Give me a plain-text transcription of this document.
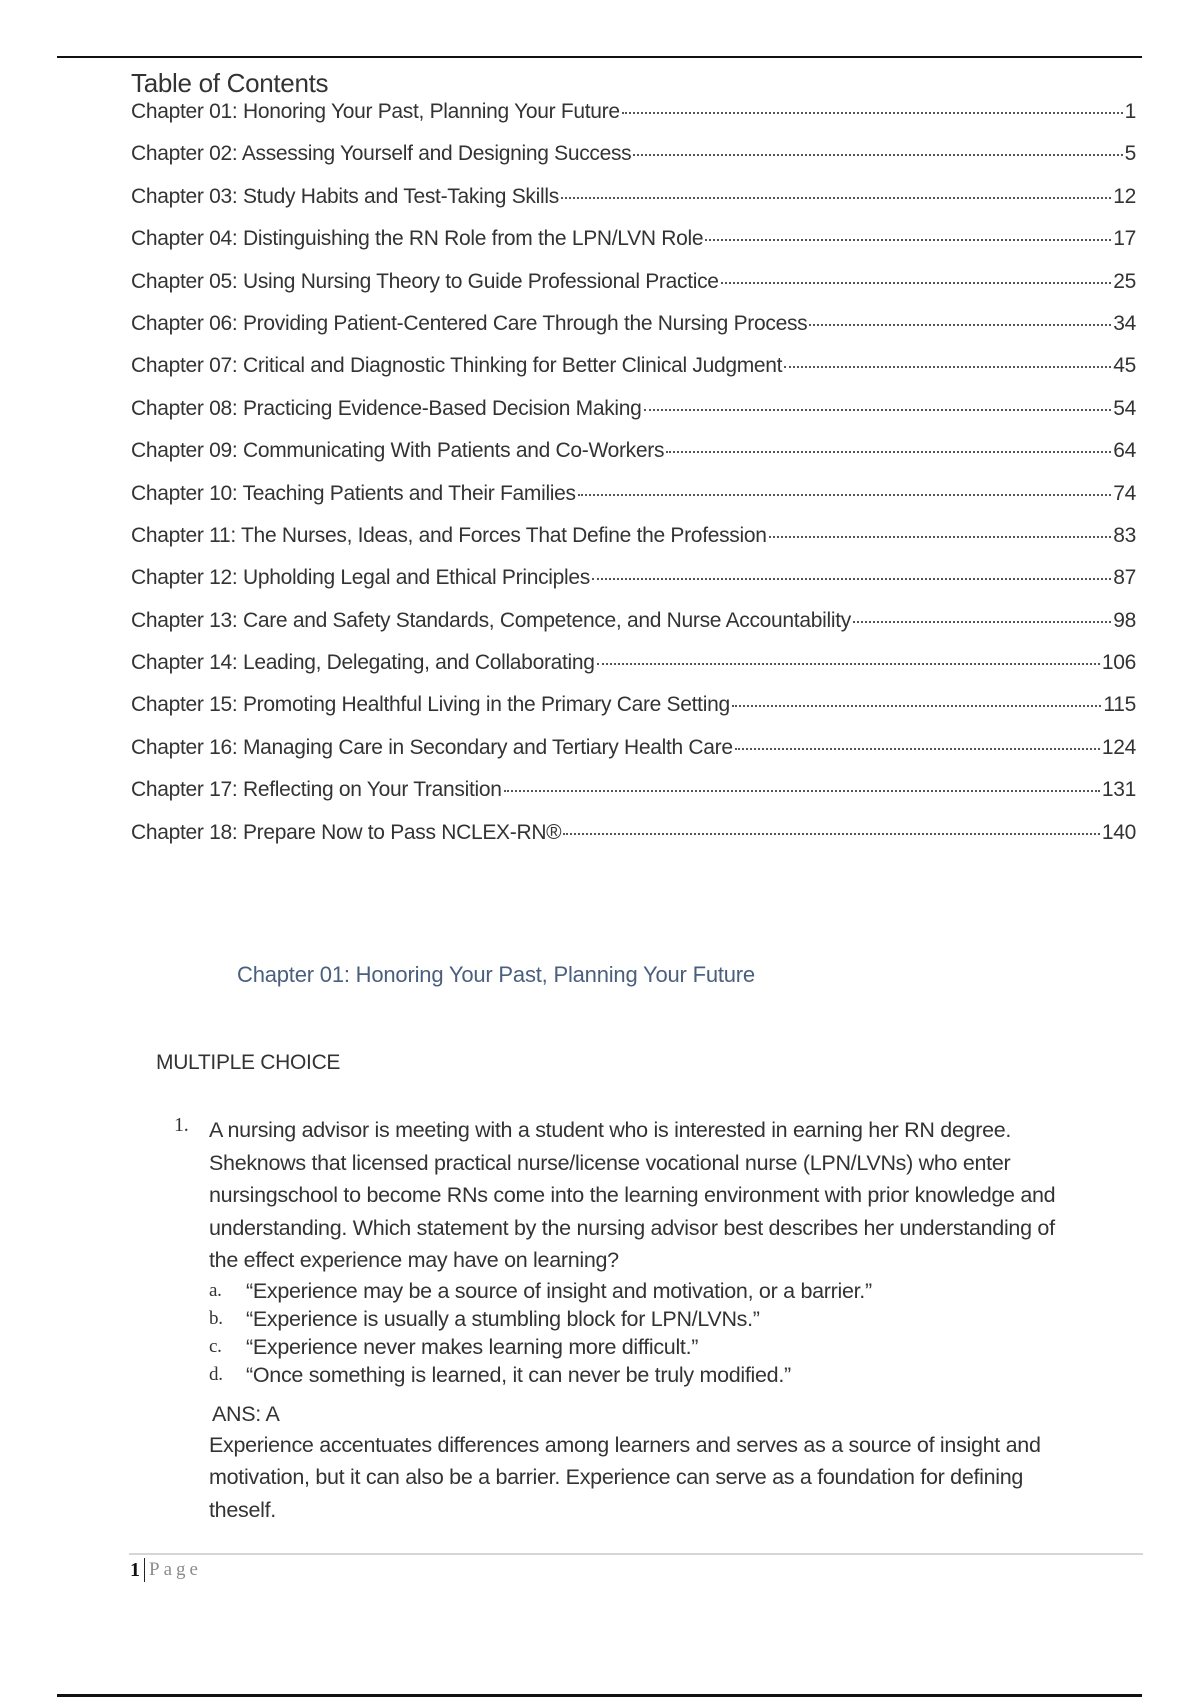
Table of Contents
Chapter 01: Honoring Your Past, Planning Your Future	1
Chapter 02: Assessing Yourself and Designing Success	5
Chapter 03: Study Habits and Test-Taking Skills	12
Chapter 04: Distinguishing the RN Role from the LPN/LVN Role	17
Chapter 05: Using Nursing Theory to Guide Professional Practice	25
Chapter 06: Providing Patient-Centered Care Through the Nursing Process	34
Chapter 07: Critical and Diagnostic Thinking for Better Clinical Judgment	45
Chapter 08: Practicing Evidence-Based Decision Making	54
Chapter 09: Communicating With Patients and Co-Workers	64
Chapter 10: Teaching Patients and Their Families	74
Chapter 11: The Nurses, Ideas, and Forces That Define the Profession	83
Chapter 12: Upholding Legal and Ethical Principles	87
Chapter 13: Care and Safety Standards, Competence, and Nurse Accountability	98
Chapter 14: Leading, Delegating, and Collaborating	106
Chapter 15: Promoting Healthful Living in the Primary Care Setting	115
Chapter 16: Managing Care in Secondary and Tertiary Health Care	124
Chapter 17: Reflecting on Your Transition	131
Chapter 18: Prepare Now to Pass NCLEX-RN®	140
Chapter 01: Honoring Your Past, Planning Your Future
MULTIPLE CHOICE
1. A nursing advisor is meeting with a student who is interested in earning her RN degree. Sheknows that licensed practical nurse/license vocational nurse (LPN/LVNs) who enter nursingschool to become RNs come into the learning environment with prior knowledge and understanding. Which statement by the nursing advisor best describes her understanding of the effect experience may have on learning?
a.	“Experience may be a source of insight and motivation, or a barrier.”
b.	“Experience is usually a stumbling block for LPN/LVNs.”
c.	“Experience never makes learning more difficult.”
d.	“Once something is learned, it can never be truly modified.”
ANS: A
Experience accentuates differences among learners and serves as a source of insight and motivation, but it can also be a barrier. Experience can serve as a foundation for defining theself.
1 Page
